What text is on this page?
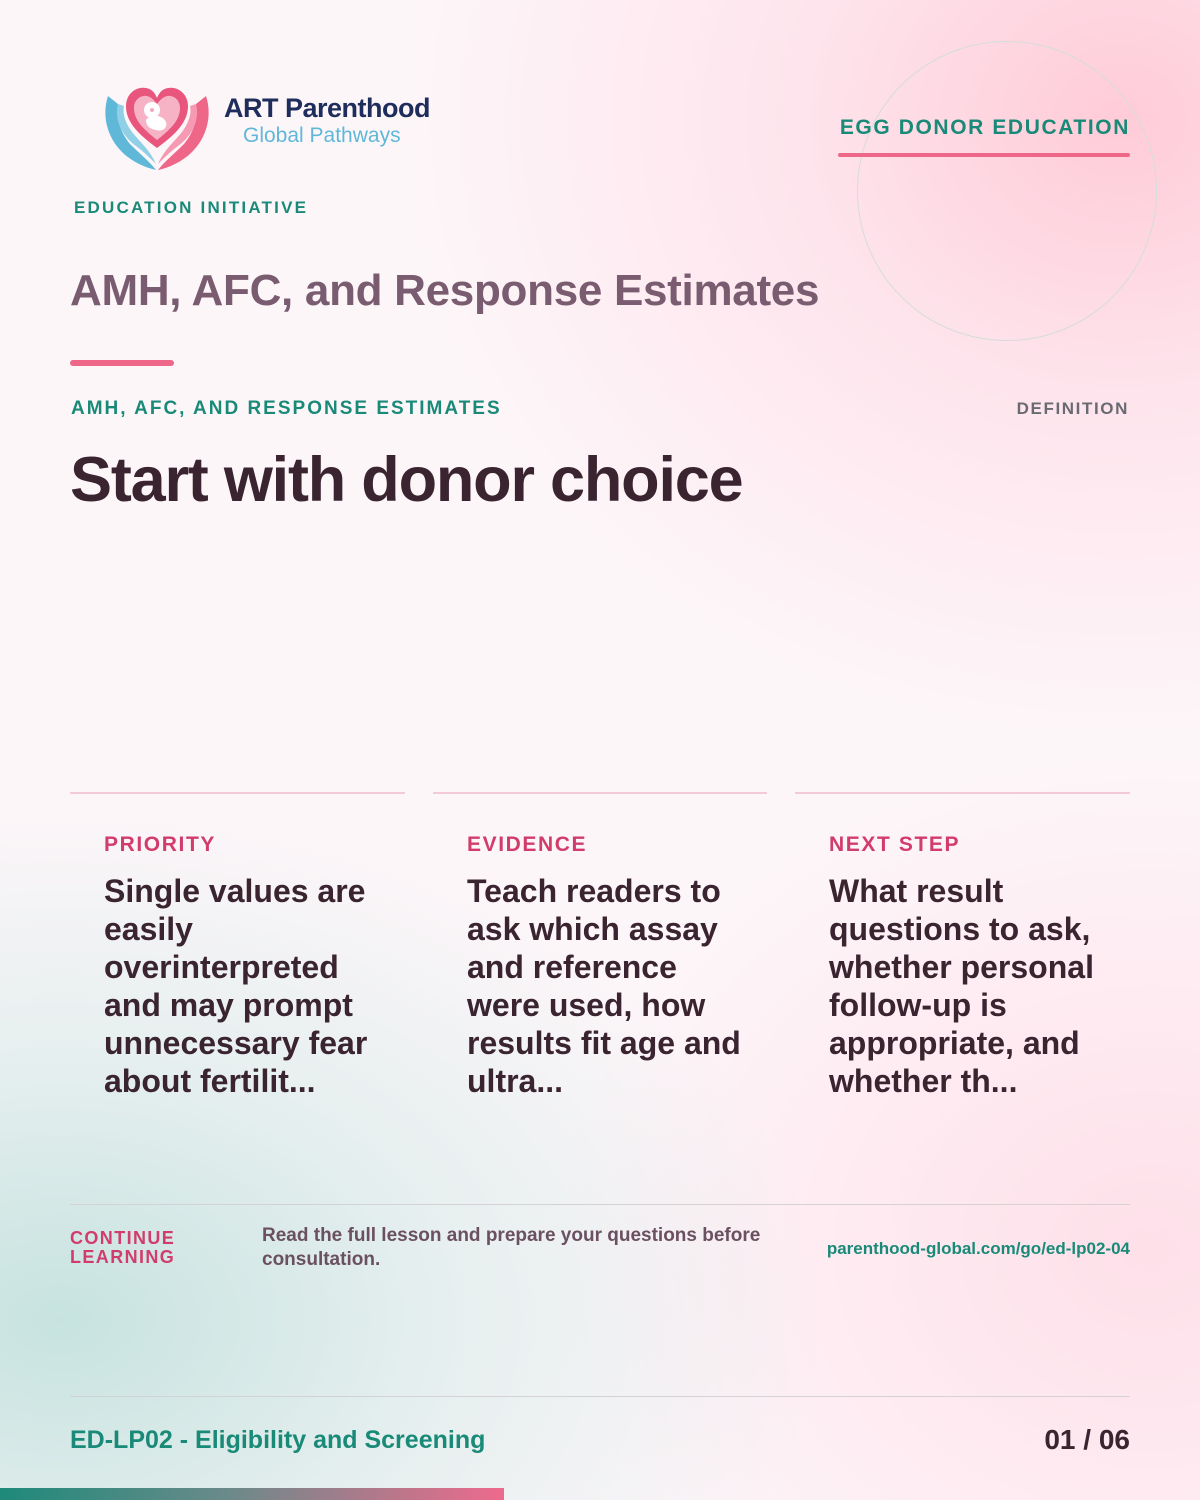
ART Parenthood
Global Pathways
EDUCATION INITIATIVE
EGG DONOR EDUCATION
AMH, AFC, and Response Estimates
AMH, AFC, AND RESPONSE ESTIMATES	DEFINITION
Start with donor choice
PRIORITY
Single values are easily overinterpreted and may prompt unnecessary fear about fertilit...
EVIDENCE
Teach readers to ask which assay and reference were used, how results fit age and ultra...
NEXT STEP
What result questions to ask, whether personal follow-up is appropriate, and whether th...
CONTINUE LEARNING
Read the full lesson and prepare your questions before consultation.
parenthood-global.com/go/ed-lp02-04
ED-LP02 - Eligibility and Screening	01 / 06
